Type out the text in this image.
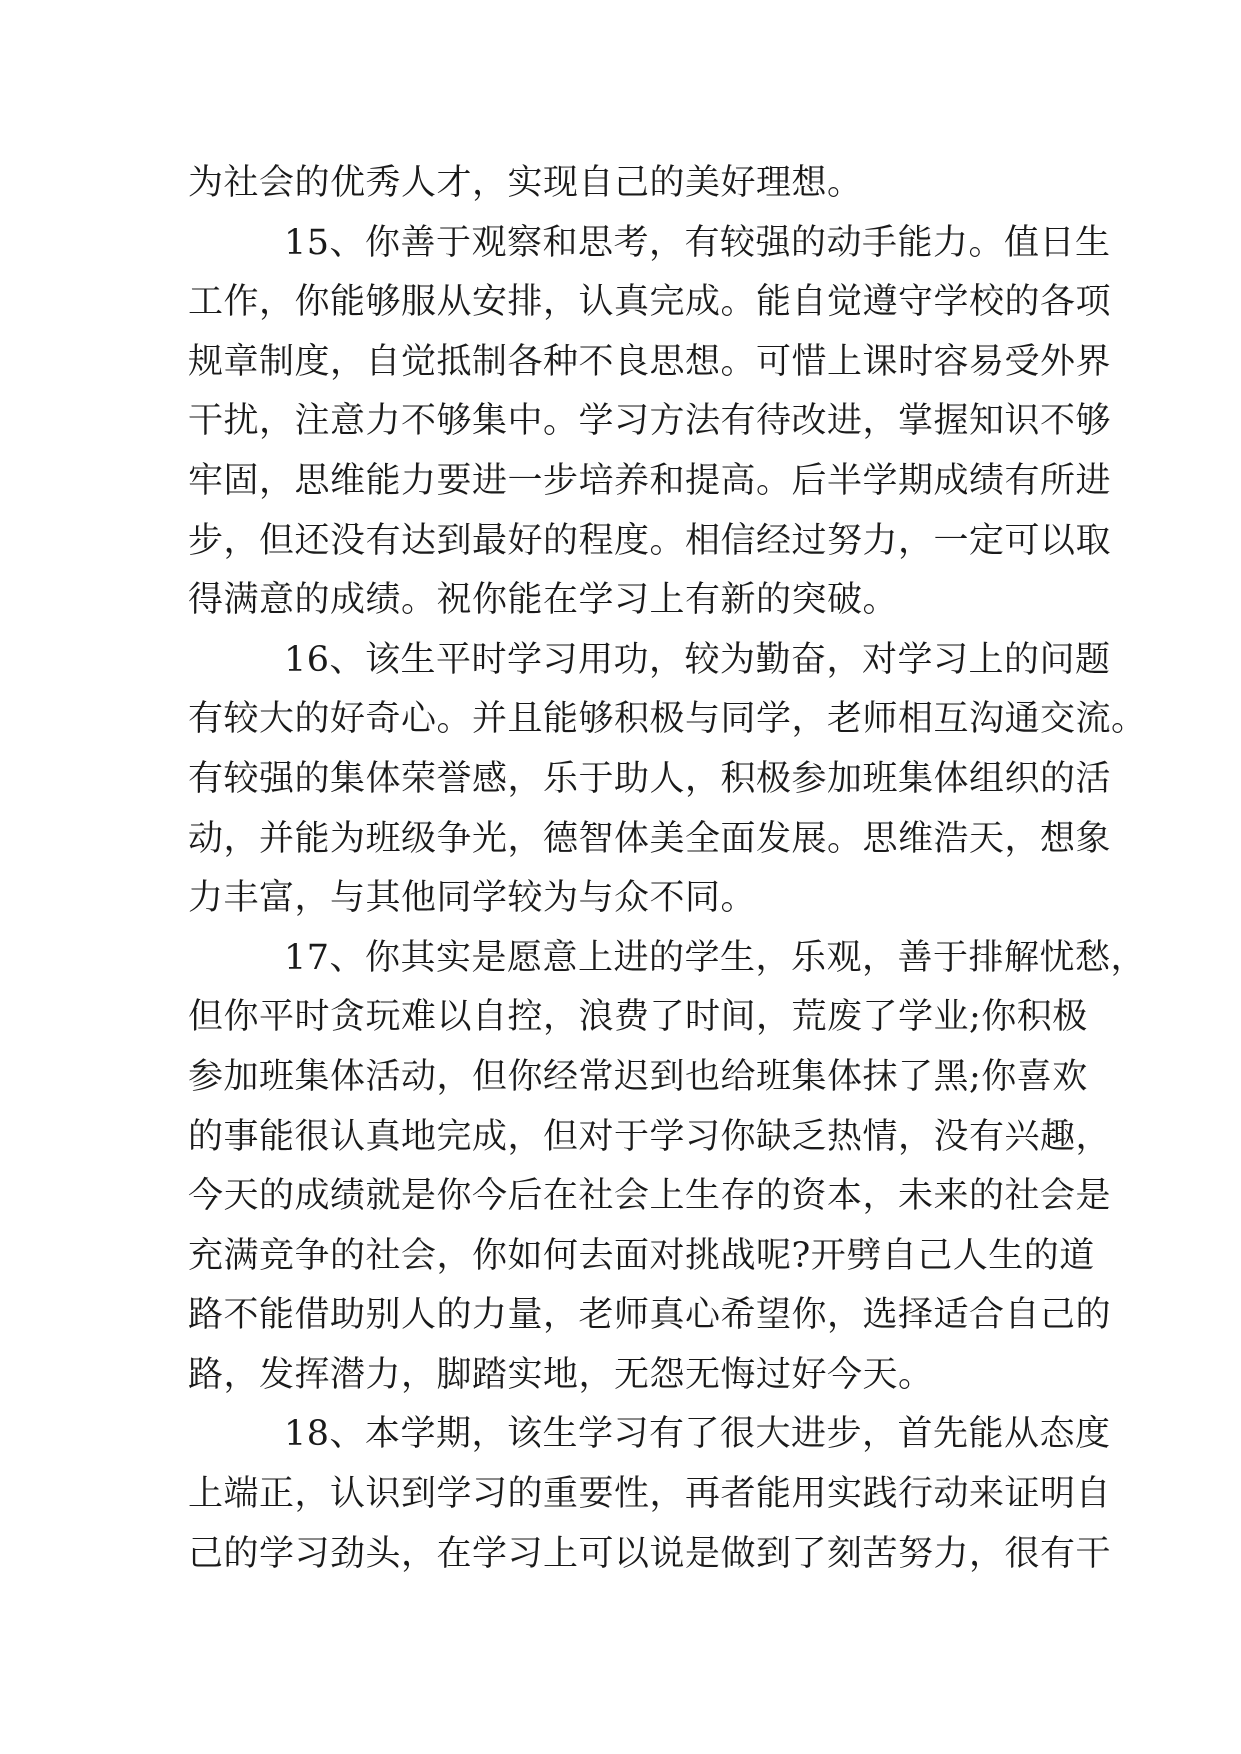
为社会的优秀人才，实现自己的美好理想。
15、你善于观察和思考，有较强的动手能力。值日生
工作，你能够服从安排，认真完成。能自觉遵守学校的各项
规章制度，自觉抵制各种不良思想。可惜上课时容易受外界
干扰，注意力不够集中。学习方法有待改进，掌握知识不够
牢固，思维能力要进一步培养和提高。后半学期成绩有所进
步，但还没有达到最好的程度。相信经过努力，一定可以取
得满意的成绩。祝你能在学习上有新的突破。
16、该生平时学习用功，较为勤奋，对学习上的问题
有较大的好奇心。并且能够积极与同学，老师相互沟通交流。
有较强的集体荣誉感，乐于助人，积极参加班集体组织的活
动，并能为班级争光，德智体美全面发展。思维浩天，想象
力丰富，与其他同学较为与众不同。
17、你其实是愿意上进的学生，乐观，善于排解忧愁，
但你平时贪玩难以自控，浪费了时间，荒废了学业;你积极
参加班集体活动，但你经常迟到也给班集体抹了黑;你喜欢
的事能很认真地完成，但对于学习你缺乏热情，没有兴趣，
今天的成绩就是你今后在社会上生存的资本，未来的社会是
充满竞争的社会，你如何去面对挑战呢?开劈自己人生的道
路不能借助别人的力量，老师真心希望你，选择适合自己的
路，发挥潜力，脚踏实地，无怨无悔过好今天。
18、本学期，该生学习有了很大进步，首先能从态度
上端正，认识到学习的重要性，再者能用实践行动来证明自
己的学习劲头，在学习上可以说是做到了刻苦努力，很有干
